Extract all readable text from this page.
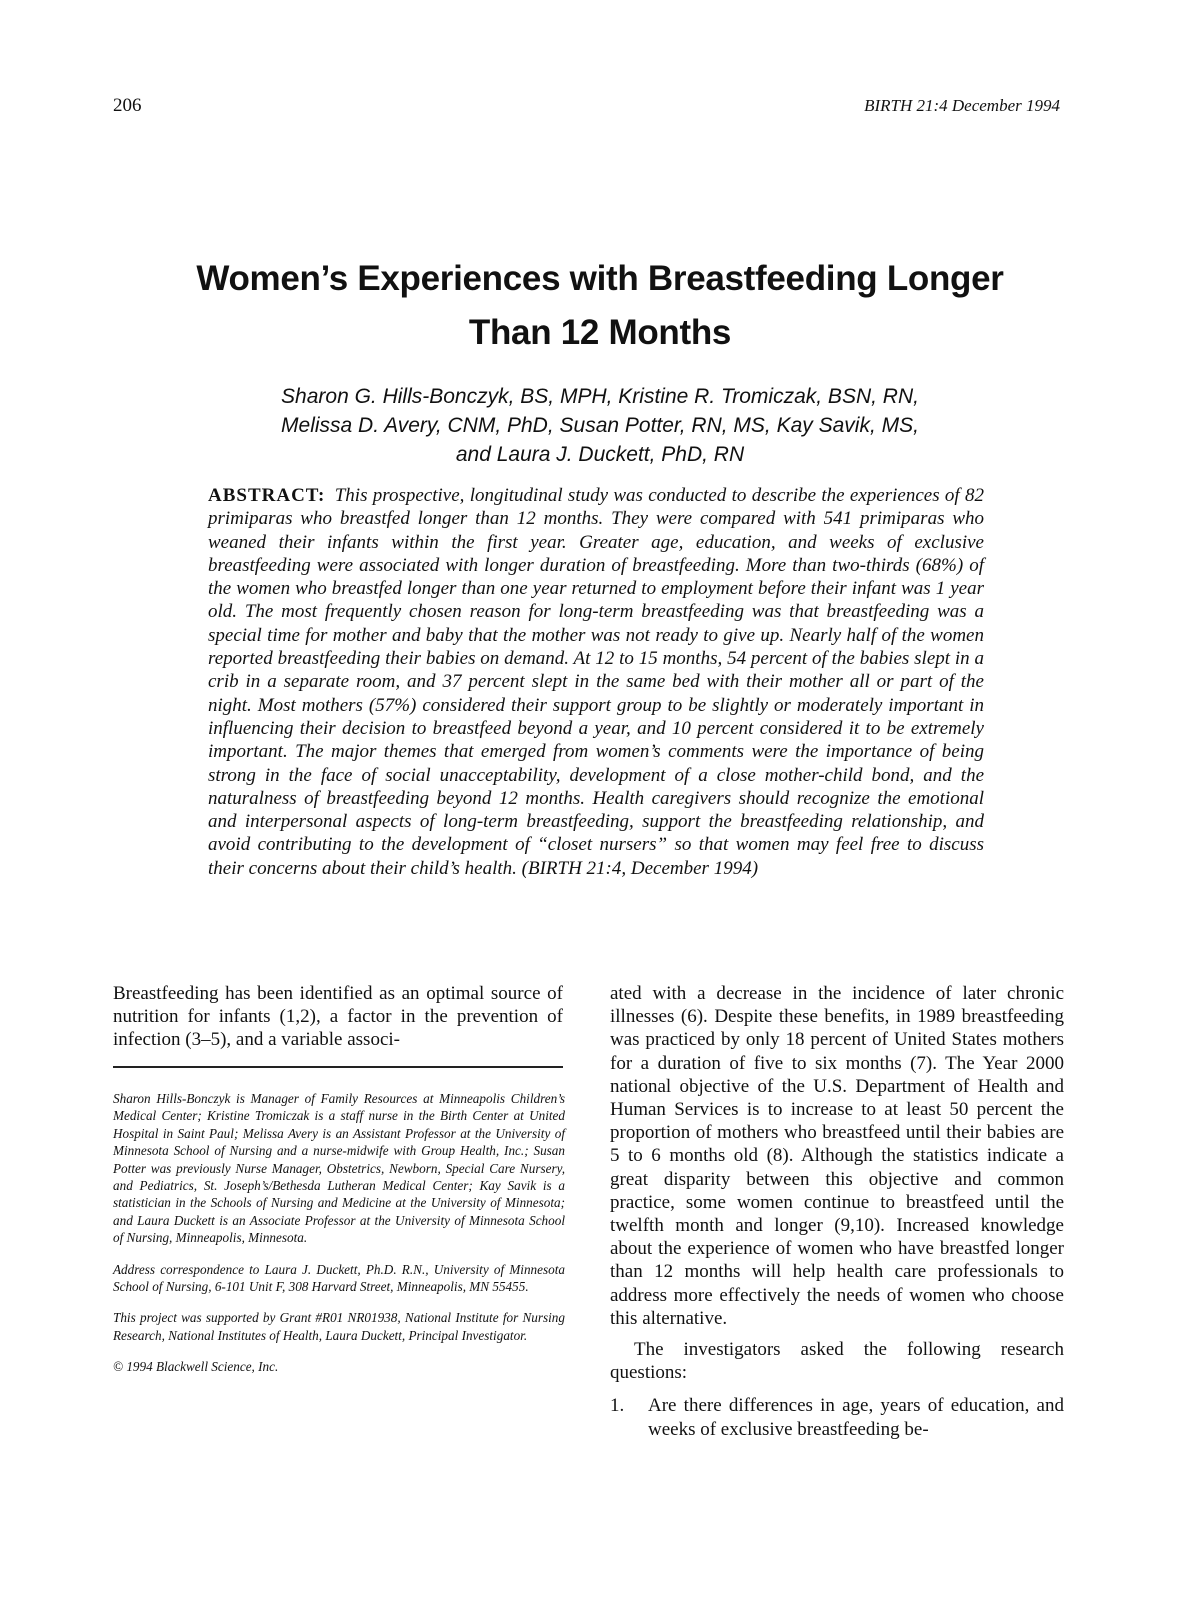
206	BIRTH 21:4 December 1994
Women’s Experiences with Breastfeeding Longer
Than 12 Months
Sharon G. Hills-Bonczyk, BS, MPH, Kristine R. Tromiczak, BSN, RN,
Melissa D. Avery, CNM, PhD, Susan Potter, RN, MS, Kay Savik, MS,
and Laura J. Duckett, PhD, RN

ABSTRACT: This prospective, longitudinal study was conducted to describe the experiences of 82 primiparas who breastfed longer than 12 months. They were compared with 541 primiparas who weaned their infants within the first year. Greater age, education, and weeks of exclusive breastfeeding were associated with longer duration of breastfeeding. More than two-thirds (68%) of the women who breastfed longer than one year returned to employment before their infant was 1 year old. The most frequently chosen reason for long-term breastfeeding was that breastfeeding was a special time for mother and baby that the mother was not ready to give up. Nearly half of the women reported breastfeeding their babies on demand. At 12 to 15 months, 54 percent of the babies slept in a crib in a separate room, and 37 percent slept in the same bed with their mother all or part of the night. Most mothers (57%) considered their support group to be slightly or moderately important in influencing their decision to breastfeed beyond a year, and 10 percent considered it to be extremely important. The major themes that emerged from women’s comments were the importance of being strong in the face of social unacceptability, development of a close mother-child bond, and the naturalness of breastfeeding beyond 12 months. Health caregivers should recognize the emotional and interpersonal aspects of long-term breastfeeding, support the breastfeeding relationship, and avoid contributing to the development of “closet nursers” so that women may feel free to discuss their concerns about their child’s health. (BIRTH 21:4, December 1994)

Breastfeeding has been identified as an optimal source of nutrition for infants (1,2), a factor in the prevention of infection (3–5), and a variable associ-

Sharon Hills-Bonczyk is Manager of Family Resources at Minneapolis Children’s Medical Center; Kristine Tromiczak is a staff nurse in the Birth Center at United Hospital in Saint Paul; Melissa Avery is an Assistant Professor at the University of Minnesota School of Nursing and a nurse-midwife with Group Health, Inc.; Susan Potter was previously Nurse Manager, Obstetrics, Newborn, Special Care Nursery, and Pediatrics, St. Joseph’s/Bethesda Lutheran Medical Center; Kay Savik is a statistician in the Schools of Nursing and Medicine at the University of Minnesota; and Laura Duckett is an Associate Professor at the University of Minnesota School of Nursing, Minneapolis, Minnesota.

Address correspondence to Laura J. Duckett, Ph.D. R.N., University of Minnesota School of Nursing, 6-101 Unit F, 308 Harvard Street, Minneapolis, MN 55455.

This project was supported by Grant #R01 NR01938, National Institute for Nursing Research, National Institutes of Health, Laura Duckett, Principal Investigator.

© 1994 Blackwell Science, Inc.

ated with a decrease in the incidence of later chronic illnesses (6). Despite these benefits, in 1989 breastfeeding was practiced by only 18 percent of United States mothers for a duration of five to six months (7). The Year 2000 national objective of the U.S. Department of Health and Human Services is to increase to at least 50 percent the proportion of mothers who breastfeed until their babies are 5 to 6 months old (8). Although the statistics indicate a great disparity between this objective and common practice, some women continue to breastfeed until the twelfth month and longer (9,10). Increased knowledge about the experience of women who have breastfed longer than 12 months will help health care professionals to address more effectively the needs of women who choose this alternative.

The investigators asked the following research questions:

1.	Are there differences in age, years of education, and weeks of exclusive breastfeeding be-
